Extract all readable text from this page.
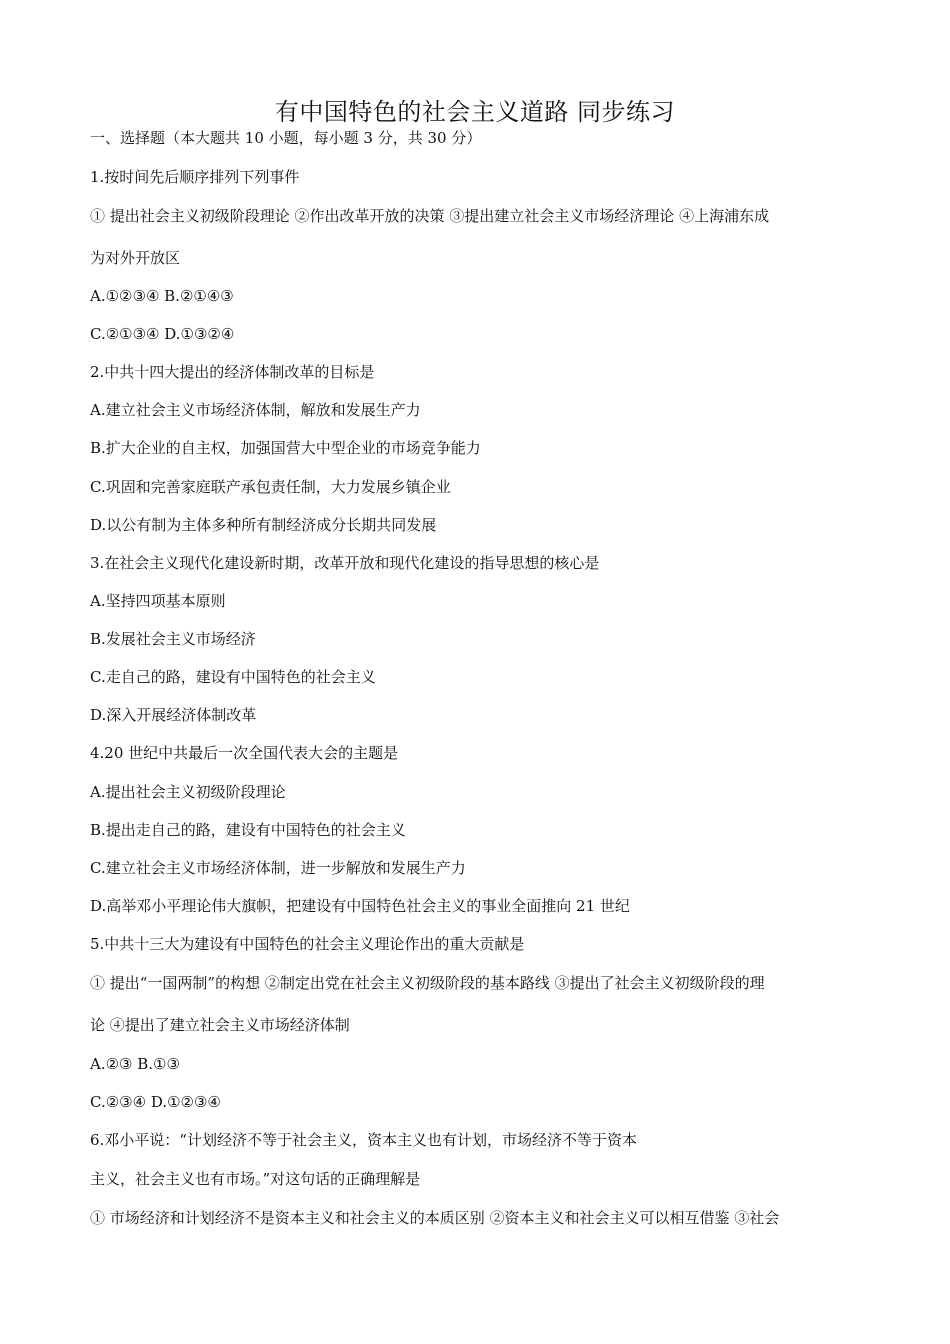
有中国特色的社会主义道路 同步练习
一、选择题（本大题共 10 小题，每小题 3 分，共 30 分）
1.按时间先后顺序排列下列事件
① 提出社会主义初级阶段理论 ②作出改革开放的决策 ③提出建立社会主义市场经济理论 ④上海浦东成
为对外开放区
A.①②③④ B.②①④③
C.②①③④ D.①③②④
2.中共十四大提出的经济体制改革的目标是
A.建立社会主义市场经济体制，解放和发展生产力
B.扩大企业的自主权，加强国营大中型企业的市场竞争能力
C.巩固和完善家庭联产承包责任制，大力发展乡镇企业
D.以公有制为主体多种所有制经济成分长期共同发展
3.在社会主义现代化建设新时期，改革开放和现代化建设的指导思想的核心是
A.坚持四项基本原则
B.发展社会主义市场经济
C.走自己的路，建设有中国特色的社会主义
D.深入开展经济体制改革
4.20 世纪中共最后一次全国代表大会的主题是
A.提出社会主义初级阶段理论
B.提出走自己的路，建设有中国特色的社会主义
C.建立社会主义市场经济体制，进一步解放和发展生产力
D.高举邓小平理论伟大旗帜，把建设有中国特色社会主义的事业全面推向 21 世纪
5.中共十三大为建设有中国特色的社会主义理论作出的重大贡献是
① 提出“一国两制”的构想 ②制定出党在社会主义初级阶段的基本路线 ③提出了社会主义初级阶段的理
论 ④提出了建立社会主义市场经济体制
A.②③ B.①③
C.②③④ D.①②③④
6.邓小平说：“计划经济不等于社会主义，资本主义也有计划，市场经济不等于资本
主义，社会主义也有市场。”对这句话的正确理解是
① 市场经济和计划经济不是资本主义和社会主义的本质区别 ②资本主义和社会主义可以相互借鉴 ③社会
